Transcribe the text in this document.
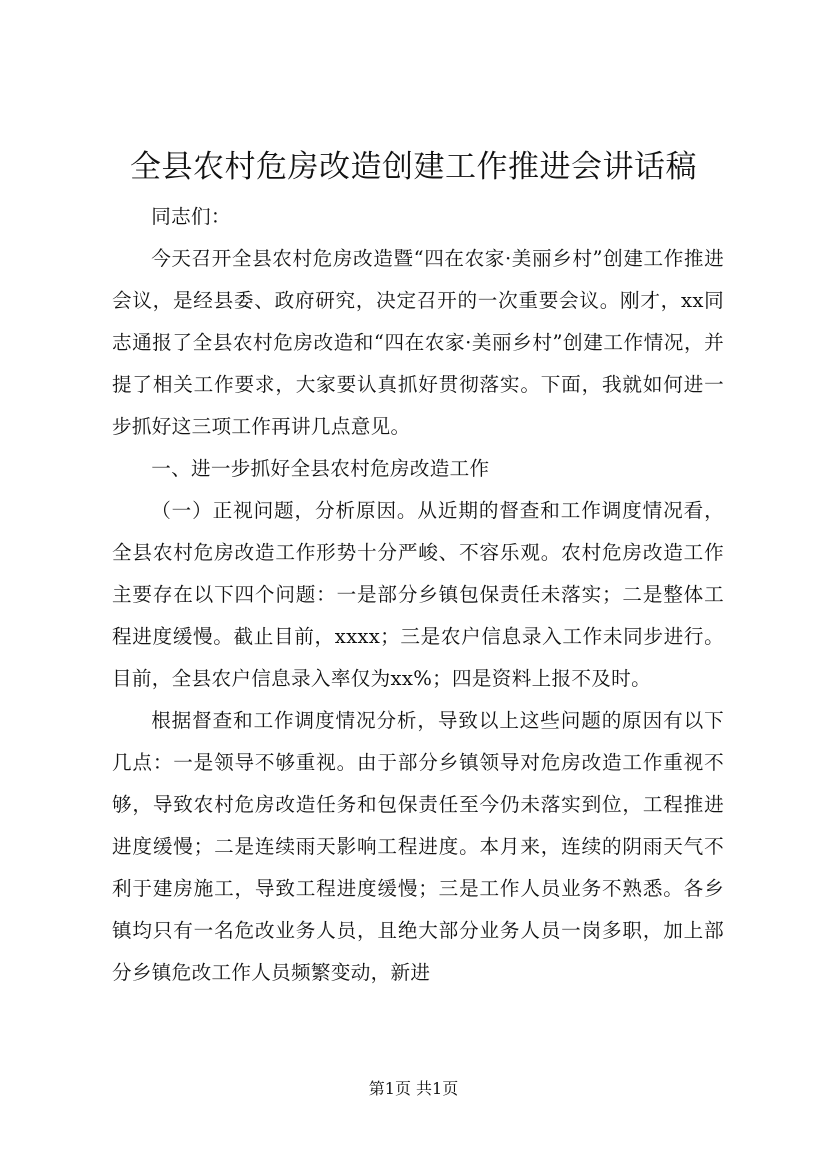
全县农村危房改造创建工作推进会讲话稿

同志们：

今天召开全县农村危房改造暨“四在农家·美丽乡村”创建工作推进会议，是经县委、政府研究，决定召开的一次重要会议。刚才，xx同志通报了全县农村危房改造和“四在农家·美丽乡村”创建工作情况，并提了相关工作要求，大家要认真抓好贯彻落实。下面，我就如何进一步抓好这三项工作再讲几点意见。

一、进一步抓好全县农村危房改造工作

（一）正视问题，分析原因。从近期的督查和工作调度情况看，全县农村危房改造工作形势十分严峻、不容乐观。农村危房改造工作主要存在以下四个问题：一是部分乡镇包保责任未落实；二是整体工程进度缓慢。截止目前，xxxx；三是农户信息录入工作未同步进行。目前，全县农户信息录入率仅为xx%；四是资料上报不及时。

根据督查和工作调度情况分析，导致以上这些问题的原因有以下几点：一是领导不够重视。由于部分乡镇领导对危房改造工作重视不够，导致农村危房改造任务和包保责任至今仍未落实到位，工程推进进度缓慢；二是连续雨天影响工程进度。本月来，连续的阴雨天气不利于建房施工，导致工程进度缓慢；三是工作人员业务不熟悉。各乡镇均只有一名危改业务人员，且绝大部分业务人员一岗多职，加上部分乡镇危改工作人员频繁变动，新进

第1页 共1页
